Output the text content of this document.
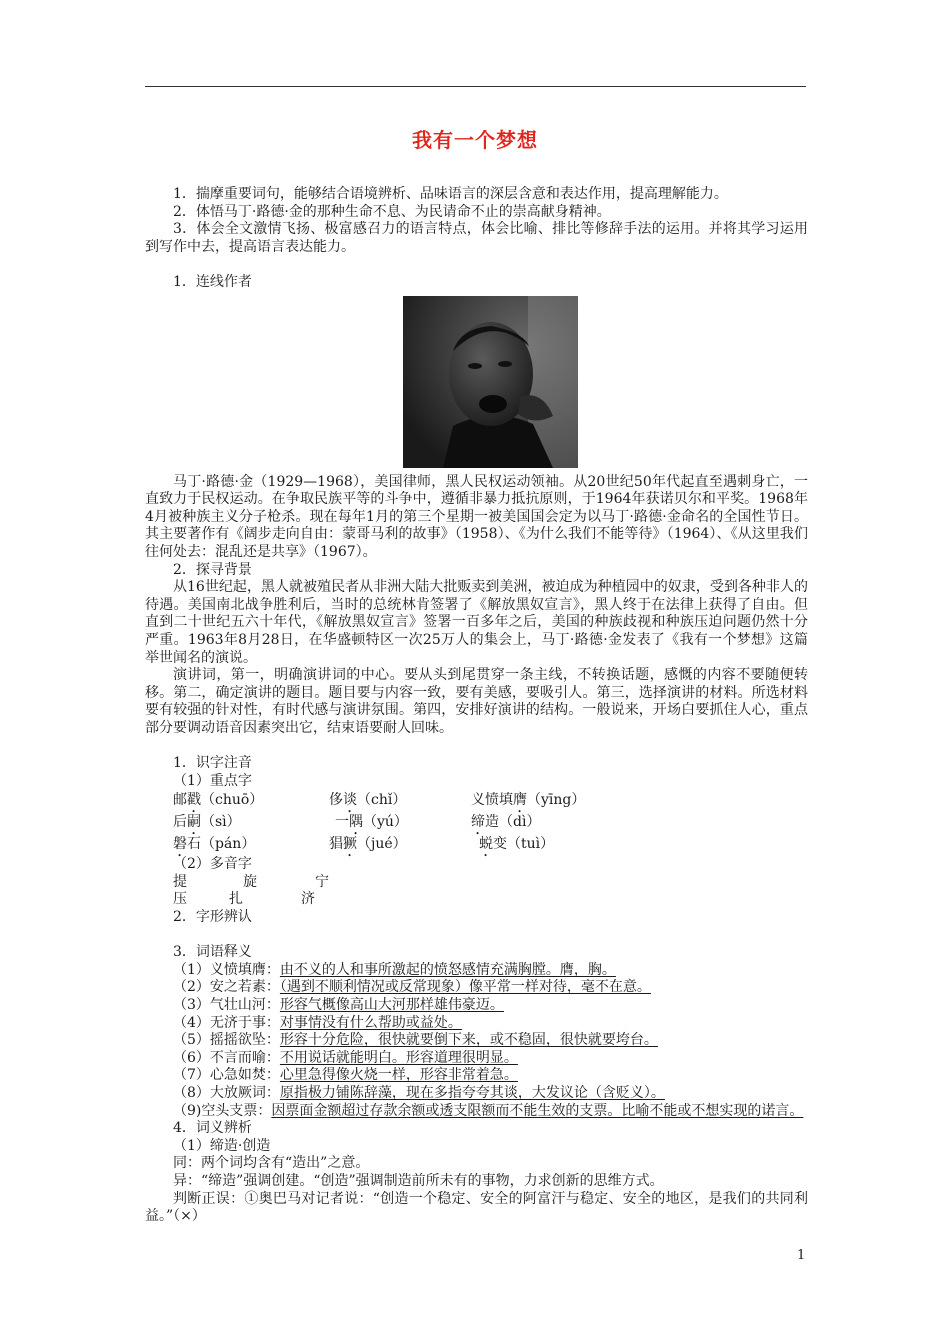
我有一个梦想

1．揣摩重要词句，能够结合语境辨析、品味语言的深层含意和表达作用，提高理解能力。

2．体悟马丁·路德·金的那种生命不息、为民请命不止的崇高献身精神。

3．体会全文激情飞扬、极富感召力的语言特点，体会比喻、排比等修辞手法的运用。并将其学习运用到写作中去，提高语言表达能力。

1．连线作者

马丁·路德·金（1929—1968），美国律师，黑人民权运动领袖。从20世纪50年代起直至遇刺身亡，一直致力于民权运动。在争取民族平等的斗争中，遵循非暴力抵抗原则，于1964年获诺贝尔和平奖。1968年4月被种族主义分子枪杀。现在每年1月的第三个星期一被美国国会定为以马丁·路德·金命名的全国性节日。其主要著作有《阔步走向自由：蒙哥马利的故事》（1958）、《为什么我们不能等待》（1964）、《从这里我们往何处去：混乱还是共享》（1967）。

2．探寻背景

从16世纪起，黑人就被殖民者从非洲大陆大批贩卖到美洲，被迫成为种植园中的奴隶，受到各种非人的待遇。美国南北战争胜利后，当时的总统林肯签署了《解放黑奴宣言》，黑人终于在法律上获得了自由。但直到二十世纪五六十年代，《解放黑奴宣言》签署一百多年之后，美国的种族歧视和种族压迫问题仍然十分严重。1963年8月28日，在华盛顿特区一次25万人的集会上，马丁·路德·金发表了《我有一个梦想》这篇举世闻名的演说。

演讲词，第一，明确演讲词的中心。要从头到尾贯穿一条主线，不转换话题，感慨的内容不要随便转移。第二，确定演讲的题目。题目要与内容一致，要有美感，要吸引人。第三，选择演讲的材料。所选材料要有较强的针对性，有时代感与演讲氛围。第四，安排好演讲的结构。一般说来，开场白要抓住人心，重点部分要调动语音因素突出它，结束语要耐人回味。

1．识字注音

（1）重点字

邮戳（chuō）	侈谈（chǐ）	义愤填膺（yīng）
后嗣（sì）	一隅（yú）	缔造（dì）
磐石（pán）	猖獗（jué）	蜕变（tuì）

（2）多音字

提	旋	宁
压	扎	济

2．字形辨认

3．词语释义

（1）义愤填膺：由不义的人和事所激起的愤怒感情充满胸膛。膺，胸。

（2）安之若素：（遇到不顺利情况或反常现象）像平常一样对待，毫不在意。

（3）气壮山河：形容气概像高山大河那样雄伟豪迈。

（4）无济于事：对事情没有什么帮助或益处。

（5）摇摇欲坠：形容十分危险，很快就要倒下来，或不稳固，很快就要垮台。

（6）不言而喻：不用说话就能明白。形容道理很明显。

（7）心急如焚：心里急得像火烧一样，形容非常着急。

（8）大放厥词：原指极力铺陈辞藻，现在多指夸夸其谈，大发议论（含贬义）。

（9)空头支票：因票面金额超过存款余额或透支限额而不能生效的支票。比喻不能或不想实现的诺言。

4．词义辨析

（1）缔造·创造

同：两个词均含有“造出”之意。

异：“缔造”强调创建。“创造”强调制造前所未有的事物，力求创新的思维方式。

判断正误：①奥巴马对记者说：“创造一个稳定、安全的阿富汗与稳定、安全的地区，是我们的共同利益。”（×）

1
